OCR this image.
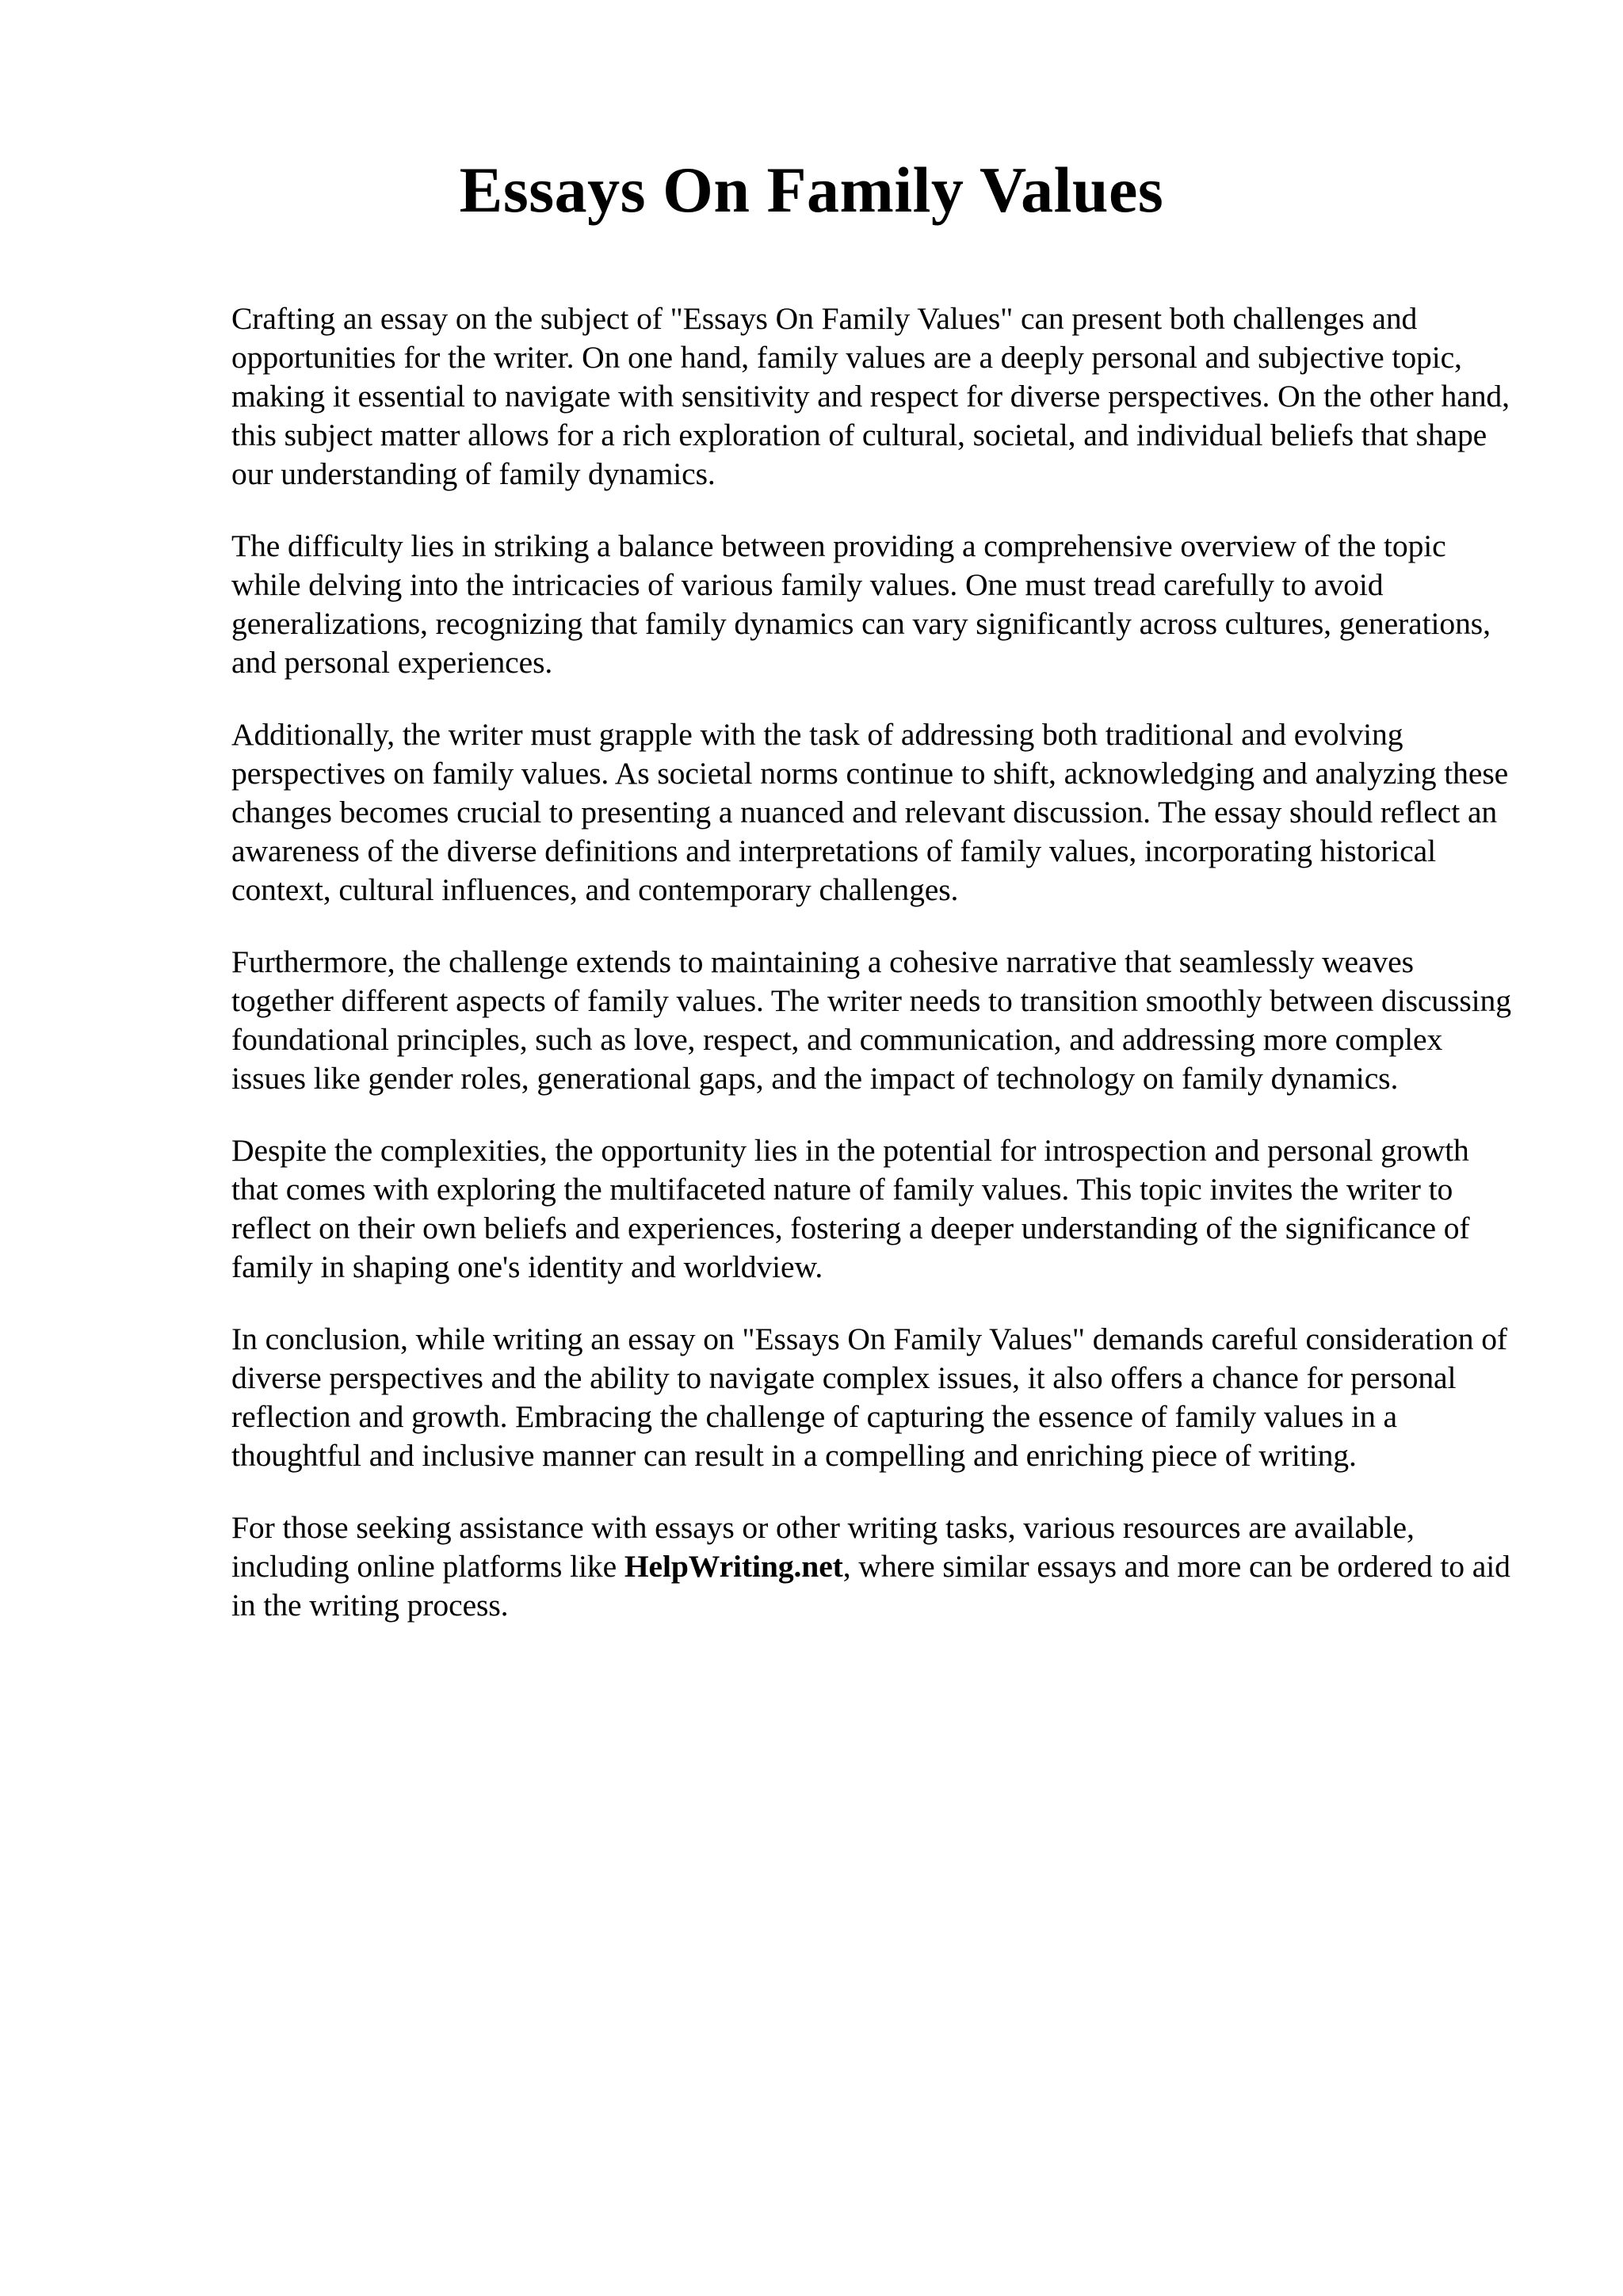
Essays On Family Values

Crafting an essay on the subject of "Essays On Family Values" can present both challenges and opportunities for the writer. On one hand, family values are a deeply personal and subjective topic, making it essential to navigate with sensitivity and respect for diverse perspectives. On the other hand, this subject matter allows for a rich exploration of cultural, societal, and individual beliefs that shape our understanding of family dynamics.

The difficulty lies in striking a balance between providing a comprehensive overview of the topic while delving into the intricacies of various family values. One must tread carefully to avoid generalizations, recognizing that family dynamics can vary significantly across cultures, generations, and personal experiences.

Additionally, the writer must grapple with the task of addressing both traditional and evolving perspectives on family values. As societal norms continue to shift, acknowledging and analyzing these changes becomes crucial to presenting a nuanced and relevant discussion. The essay should reflect an awareness of the diverse definitions and interpretations of family values, incorporating historical context, cultural influences, and contemporary challenges.

Furthermore, the challenge extends to maintaining a cohesive narrative that seamlessly weaves together different aspects of family values. The writer needs to transition smoothly between discussing foundational principles, such as love, respect, and communication, and addressing more complex issues like gender roles, generational gaps, and the impact of technology on family dynamics.

Despite the complexities, the opportunity lies in the potential for introspection and personal growth that comes with exploring the multifaceted nature of family values. This topic invites the writer to reflect on their own beliefs and experiences, fostering a deeper understanding of the significance of family in shaping one's identity and worldview.

In conclusion, while writing an essay on "Essays On Family Values" demands careful consideration of diverse perspectives and the ability to navigate complex issues, it also offers a chance for personal reflection and growth. Embracing the challenge of capturing the essence of family values in a thoughtful and inclusive manner can result in a compelling and enriching piece of writing.

For those seeking assistance with essays or other writing tasks, various resources are available, including online platforms like HelpWriting.net, where similar essays and more can be ordered to aid in the writing process.
